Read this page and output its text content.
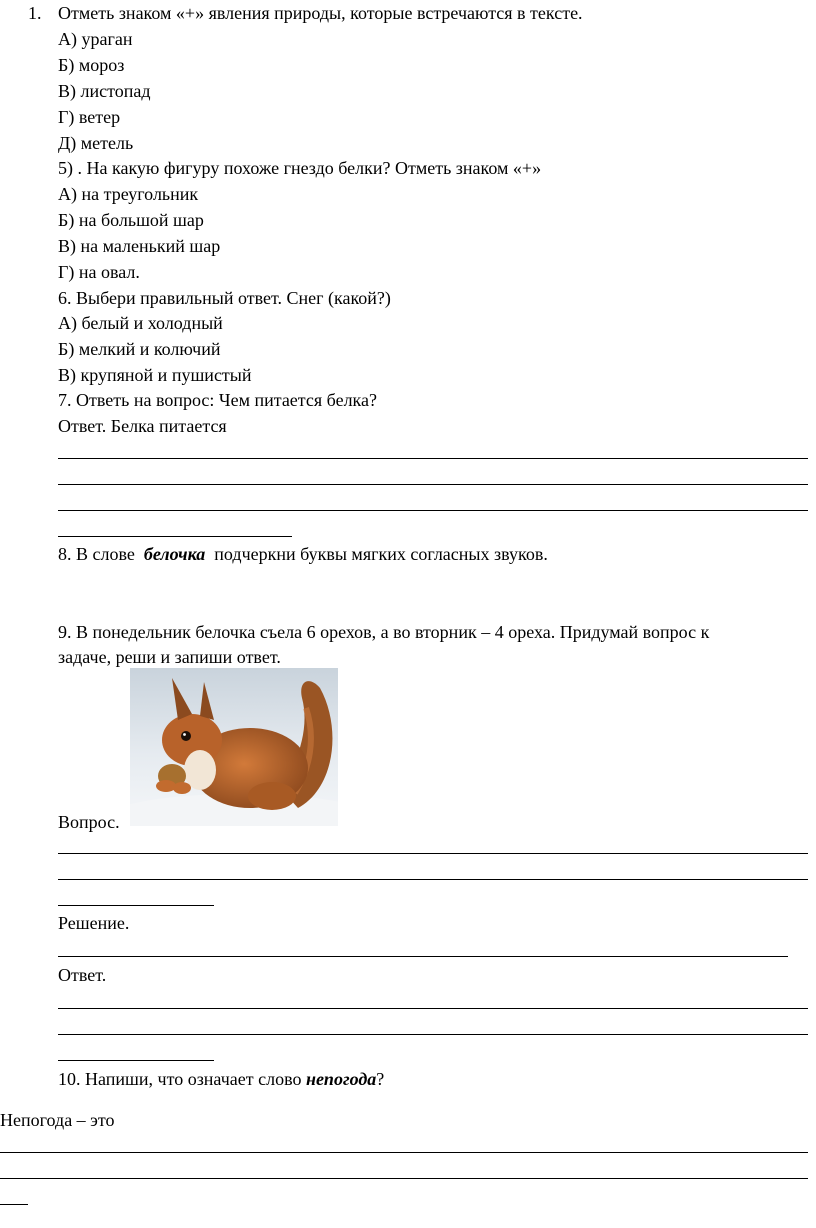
1. Отметь знаком «+» явления природы, которые встречаются в тексте.
А) ураган
Б) мороз
В) листопад
Г) ветер
Д) метель
5) . На какую фигуру похоже гнездо белки? Отметь знаком «+»
А) на треугольник
Б) на большой шар
В) на маленький шар
Г) на овал.
6. Выбери правильный ответ. Снег (какой?)
А) белый и холодный
Б) мелкий и колючий
В) крупяной и пушистый
7. Ответь на вопрос: Чем питается белка?
Ответ. Белка питается
8. В слове белочка подчеркни буквы мягких согласных звуков.
9. В понедельник белочка съела 6 орехов, а во вторник – 4 ореха. Придумай вопрос к
задаче, реши и запиши ответ.
Вопрос.
Решение.
Ответ.
10. Напиши, что означает слово непогода?
Непогода – это
